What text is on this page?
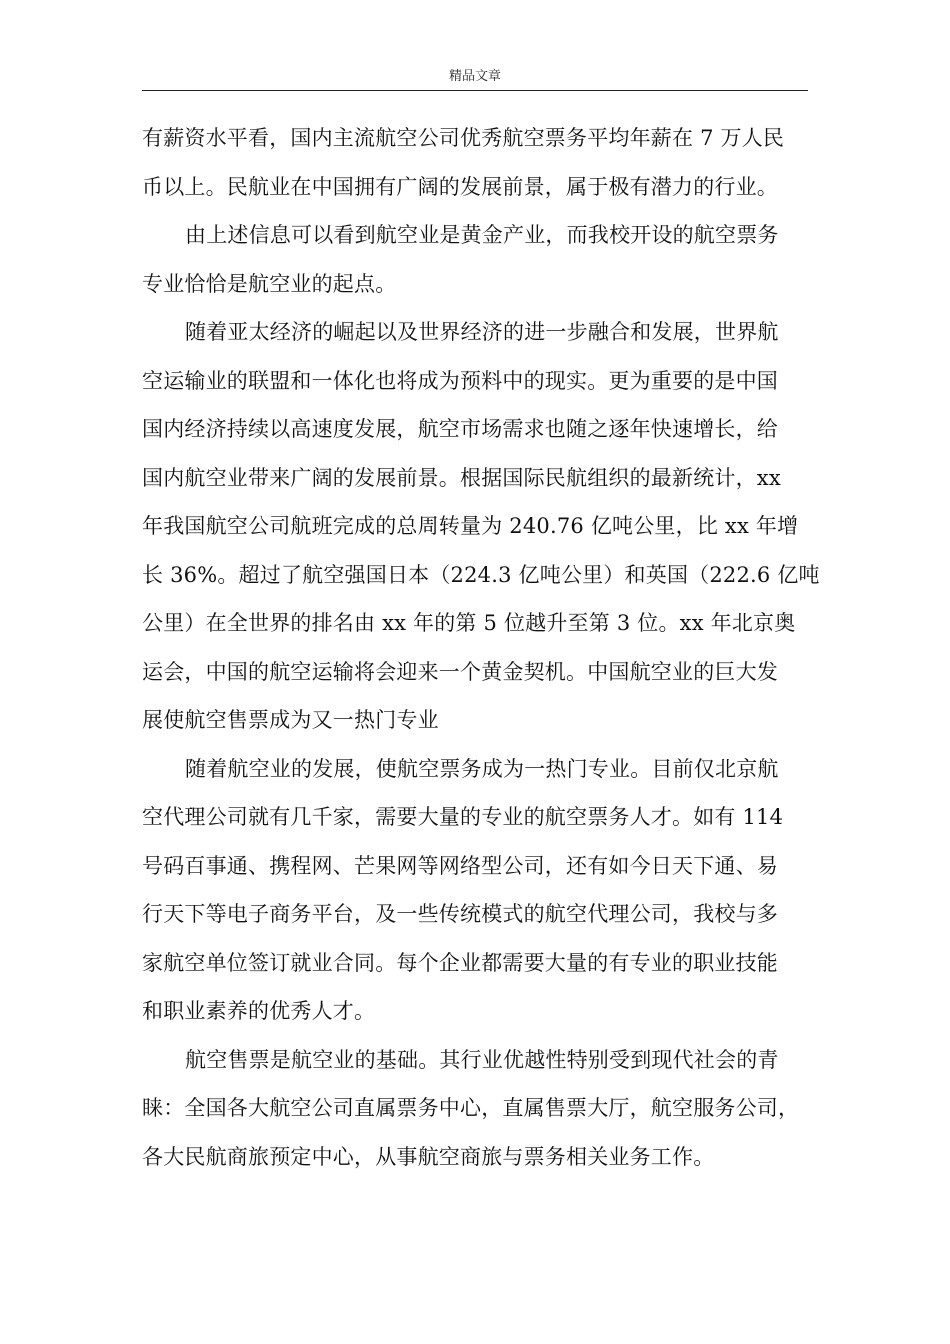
精品文章

有薪资水平看，国内主流航空公司优秀航空票务平均年薪在 7 万人民
币以上。民航业在中国拥有广阔的发展前景，属于极有潜力的行业。

由上述信息可以看到航空业是黄金产业，而我校开设的航空票务
专业恰恰是航空业的起点。

随着亚太经济的崛起以及世界经济的进一步融合和发展，世界航
空运输业的联盟和一体化也将成为预料中的现实。更为重要的是中国
国内经济持续以高速度发展，航空市场需求也随之逐年快速增长，给
国内航空业带来广阔的发展前景。根据国际民航组织的最新统计，xx
年我国航空公司航班完成的总周转量为 240.76 亿吨公里，比 xx 年增
长 36%。超过了航空强国日本（224.3 亿吨公里）和英国（222.6 亿吨
公里）在全世界的排名由 xx 年的第 5 位越升至第 3 位。xx 年北京奥
运会，中国的航空运输将会迎来一个黄金契机。中国航空业的巨大发
展使航空售票成为又一热门专业

随着航空业的发展，使航空票务成为一热门专业。目前仅北京航
空代理公司就有几千家，需要大量的专业的航空票务人才。如有 114
号码百事通、携程网、芒果网等网络型公司，还有如今日天下通、易
行天下等电子商务平台，及一些传统模式的航空代理公司，我校与多
家航空单位签订就业合同。每个企业都需要大量的有专业的职业技能
和职业素养的优秀人才。

航空售票是航空业的基础。其行业优越性特别受到现代社会的青
睐：全国各大航空公司直属票务中心，直属售票大厅，航空服务公司，
各大民航商旅预定中心，从事航空商旅与票务相关业务工作。
